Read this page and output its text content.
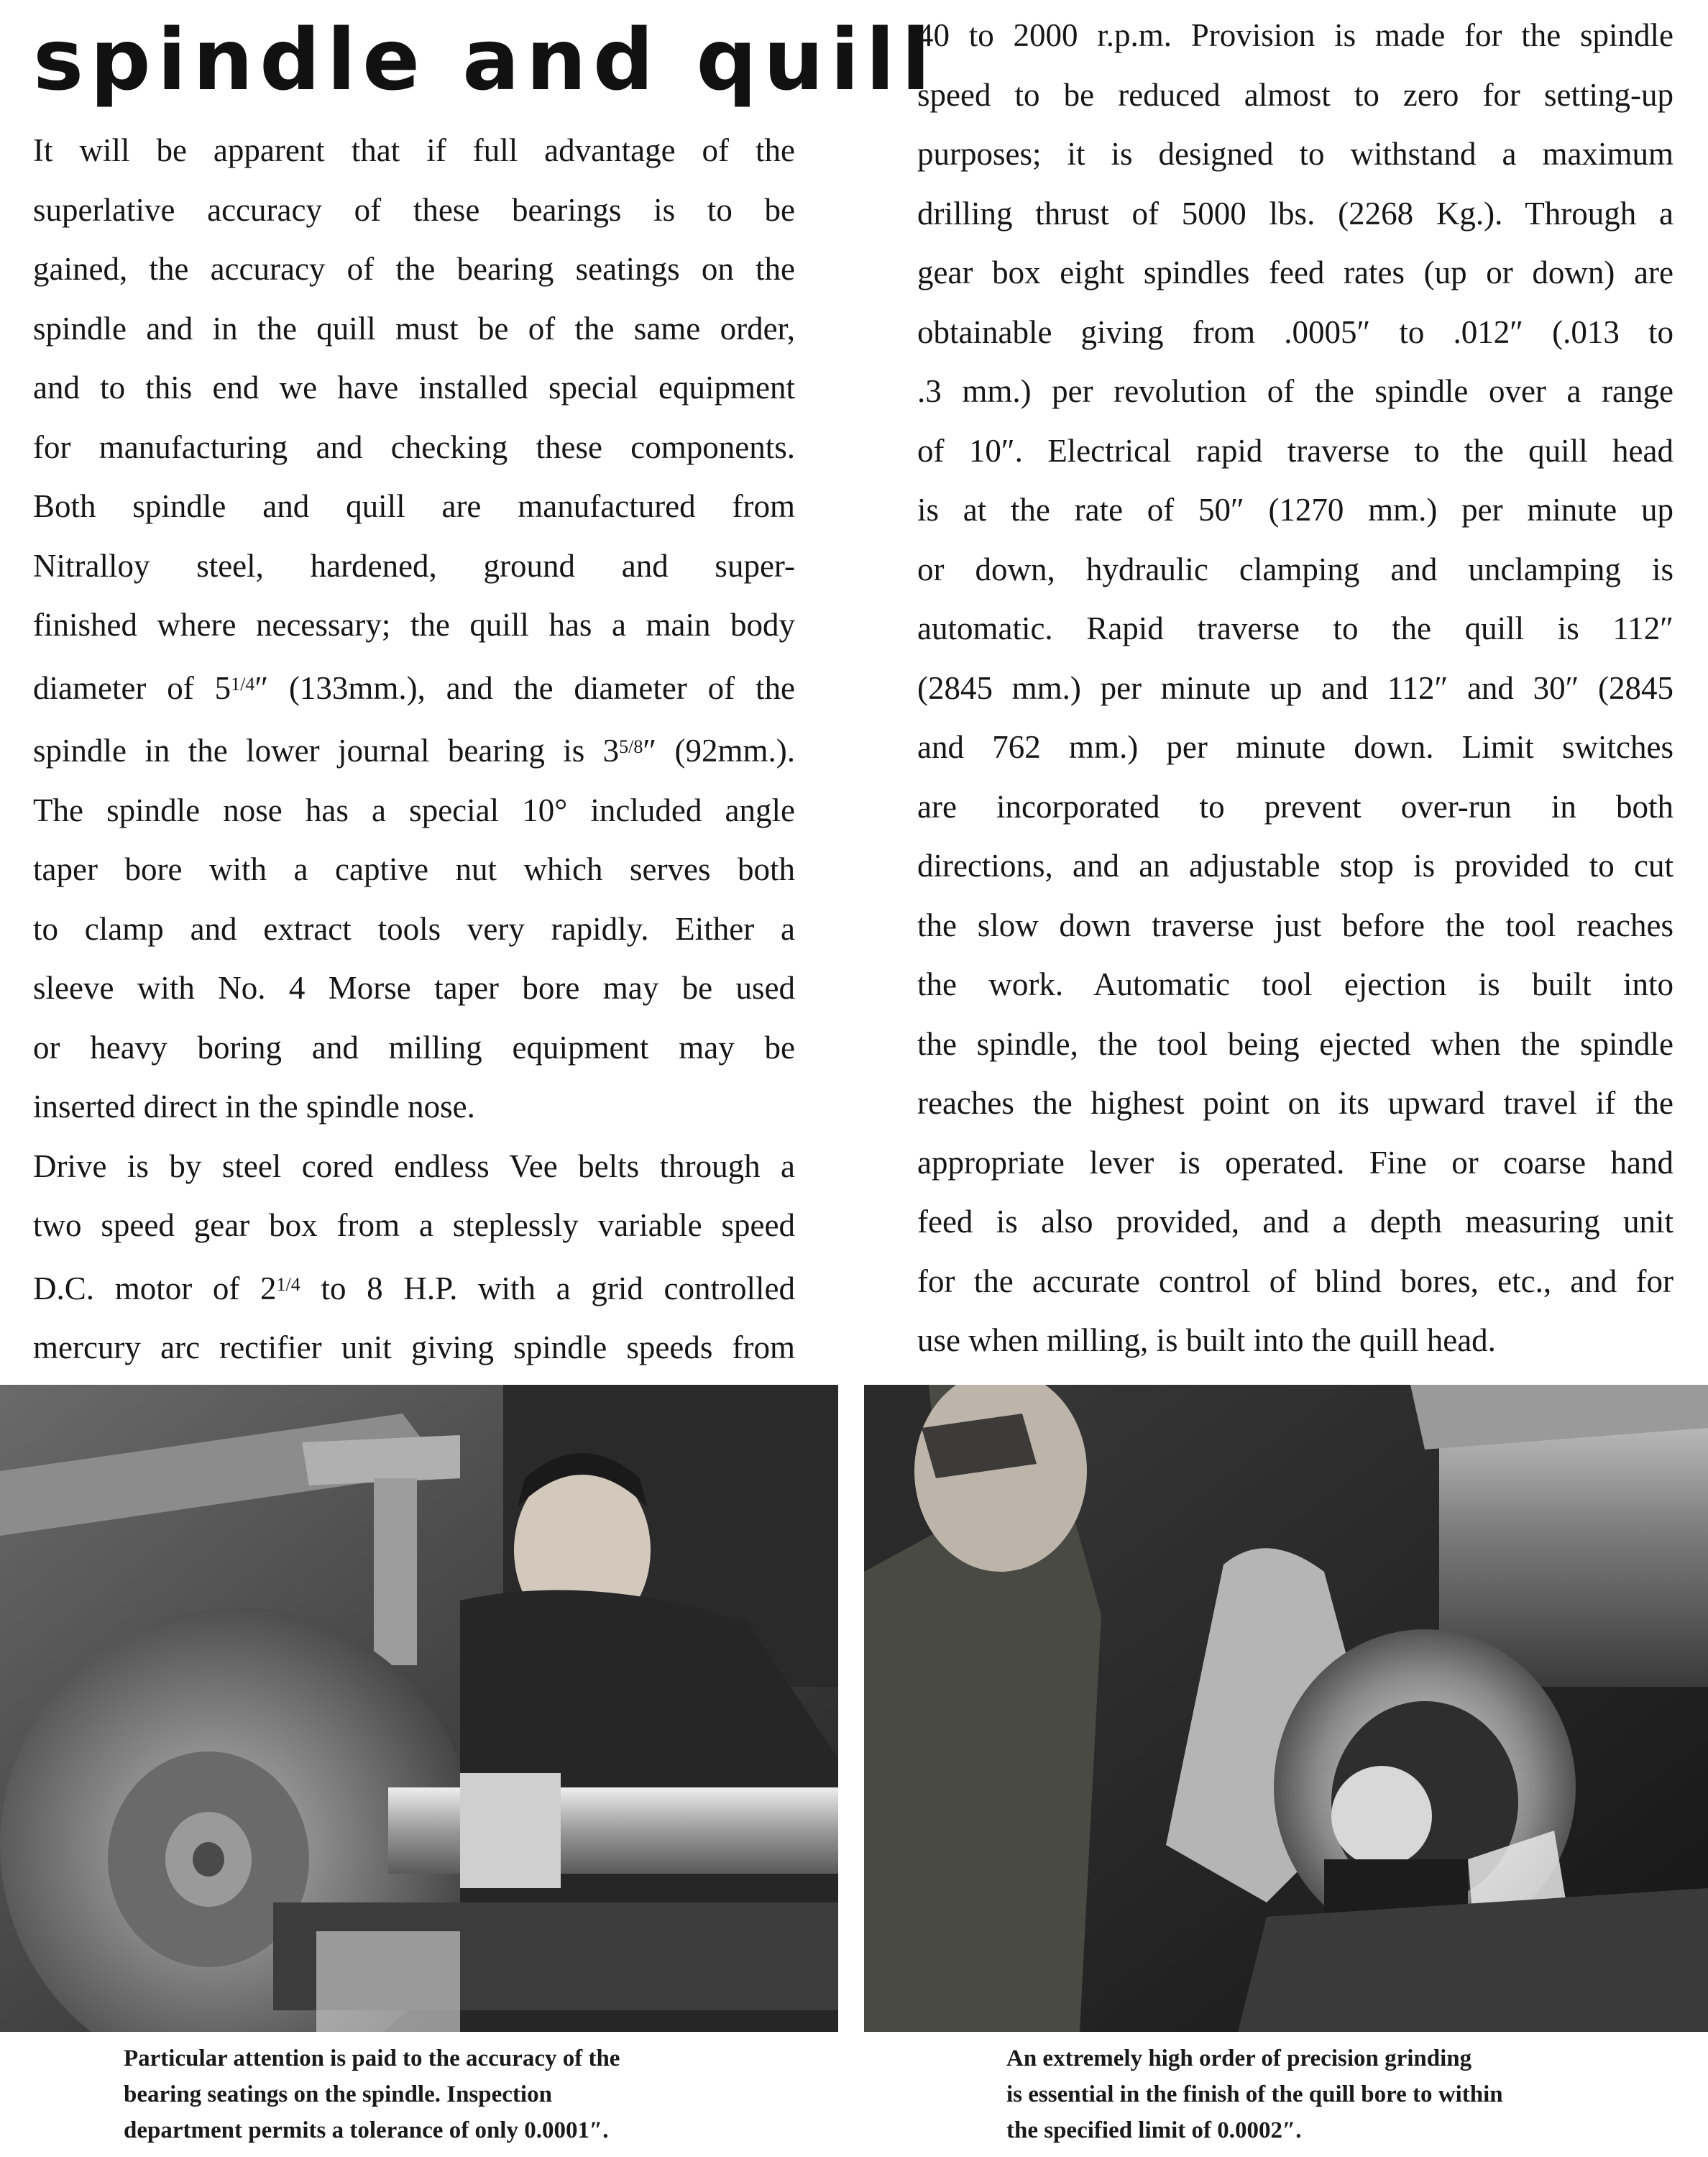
spindle and quill

It will be apparent that if full advantage of the
superlative accuracy of these bearings is to be
gained, the accuracy of the bearing seatings on the
spindle and in the quill must be of the same order,
and to this end we have installed special equipment
for manufacturing and checking these components.
Both spindle and quill are manufactured from
Nitralloy steel, hardened, ground and super-
finished where necessary; the quill has a main body
diameter of $5^{1/4}''$ (133mm.), and the diameter of the
spindle in the lower journal bearing is $3^{5/8}''$ (92mm.).
The spindle nose has a special 10° included angle
taper bore with a captive nut which serves both
to clamp and extract tools very rapidly. Either a
sleeve with No. 4 Morse taper bore may be used
or heavy boring and milling equipment may be

inserted direct in the spindle nose.

Drive is by steel cored endless Vee belts through a
two speed gear box from a steplessly variable speed
D.C. motor of $2^{1/4}$ to 8 H.P. with a grid controlled
mercury arc rectifier unit giving spindle speeds from

40 to 2000 r.p.m. Provision is made for the spindle
speed to be reduced almost to zero for setting-up
purposes; it is designed to withstand a maximum
drilling thrust of 5000 lbs. (2268 Kg.). Through a
gear box eight spindles feed rates (up or down) are
obtainable giving from .0005″ to .012″ (.013 to
.3 mm.) per revolution of the spindle over a range
of 10″. Electrical rapid traverse to the quill head
is at the rate of 50″ (1270 mm.) per minute up
or down, hydraulic clamping and unclamping is
automatic. Rapid traverse to the quill is 112″
(2845 mm.) per minute up and 112″ and 30″ (2845
and 762 mm.) per minute down. Limit switches
are incorporated to prevent over-run in both
directions, and an adjustable stop is provided to cut
the slow down traverse just before the tool reaches
the work. Automatic tool ejection is built into
the spindle, the tool being ejected when the spindle
reaches the highest point on its upward travel if the
appropriate lever is operated. Fine or coarse hand
feed is also provided, and a depth measuring unit
for the accurate control of blind bores, etc., and for

use when milling, is built into the quill head.

Particular attention is paid to the accuracy of the
bearing seatings on the spindle. Inspection
department permits a tolerance of only 0.0001″.

An extremely high order of precision grinding
is essential in the finish of the quill bore to within
the specified limit of 0.0002″.
